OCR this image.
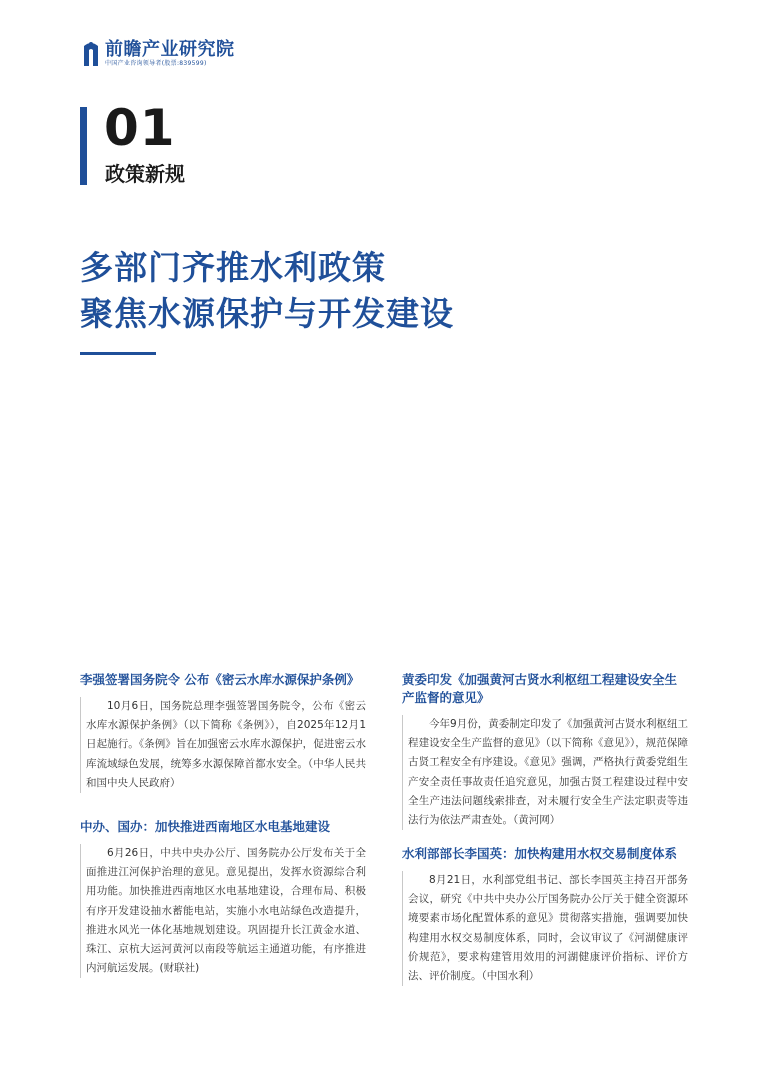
前瞻产业研究院
中国产业咨询领导者(股票:839599)
01
政策新规
多部门齐推水利政策
聚焦水源保护与开发建设
李强签署国务院令 公布《密云水库水源保护条例》
10月6日，国务院总理李强签署国务院令，公布《密云水库水源保护条例》（以下简称《条例》），自2025年12月1日起施行。《条例》旨在加强密云水库水源保护，促进密云水库流域绿色发展，统筹多水源保障首都水安全。（中华人民共和国中央人民政府）
中办、国办：加快推进西南地区水电基地建设
6月26日，中共中央办公厅、国务院办公厅发布关于全面推进江河保护治理的意见。意见提出，发挥水资源综合利用功能。加快推进西南地区水电基地建设，合理布局、积极有序开发建设抽水蓄能电站，实施小水电站绿色改造提升，推进水风光一体化基地规划建设。巩固提升长江黄金水道、珠江、京杭大运河黄河以南段等航运主通道功能，有序推进内河航运发展。(财联社)
黄委印发《加强黄河古贤水利枢纽工程建设安全生产监督的意见》
今年9月份，黄委制定印发了《加强黄河古贤水利枢纽工程建设安全生产监督的意见》（以下简称《意见》），规范保障古贤工程安全有序建设。《意见》强调，严格执行黄委党组生产安全责任事故责任追究意见，加强古贤工程建设过程中安全生产违法问题线索排查，对未履行安全生产法定职责等违法行为依法严肃查处。（黄河网）
水利部部长李国英：加快构建用水权交易制度体系
8月21日，水利部党组书记、部长李国英主持召开部务会议，研究《中共中央办公厅国务院办公厅关于健全资源环境要素市场化配置体系的意见》贯彻落实措施，强调要加快构建用水权交易制度体系，同时，会议审议了《河湖健康评价规范》，要求构建管用效用的河湖健康评价指标、评价方法、评价制度。（中国水利）
